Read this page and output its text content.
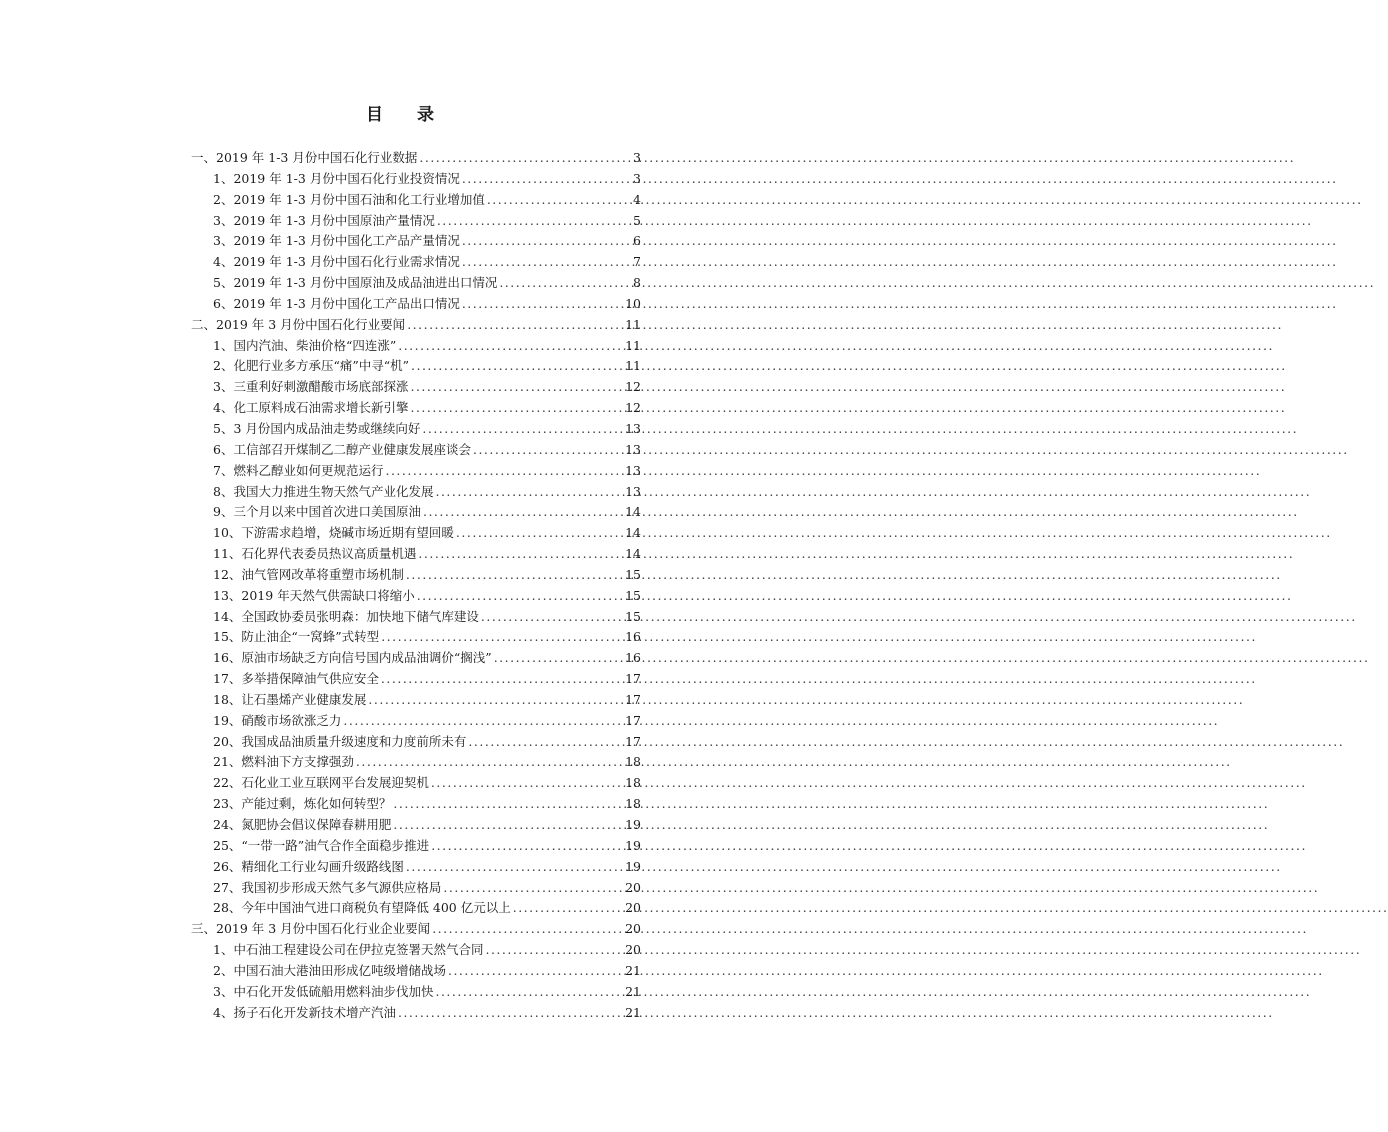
目 录
一、2019 年 1-3 月份中国石化行业数据 .....	3
1、2019 年 1-3 月份中国石化行业投资情况 .....	3
2、2019 年 1-3 月份中国石油和化工行业增加值 .....	4
3、2019 年 1-3 月份中国原油产量情况 .....	5
3、2019 年 1-3 月份中国化工产品产量情况 .....	6
4、2019 年 1-3 月份中国石化行业需求情况 .....	7
5、2019 年 1-3 月份中国原油及成品油进出口情况 .....	8
6、2019 年 1-3 月份中国化工产品出口情况 .....	10
二、2019 年 3 月份中国石化行业要闻 .....	11
1、国内汽油、柴油价格“四连涨” .....	11
2、化肥行业多方承压“痛”中寻“机” .....	11
3、三重利好刺激醋酸市场底部探涨 .....	12
4、化工原料成石油需求增长新引擎 .....	12
5、3 月份国内成品油走势或继续向好 .....	13
6、工信部召开煤制乙二醇产业健康发展座谈会 .....	13
7、燃料乙醇业如何更规范运行 .....	13
8、我国大力推进生物天然气产业化发展 .....	13
9、三个月以来中国首次进口美国原油 .....	14
10、下游需求趋增，烧碱市场近期有望回暖 .....	14
11、石化界代表委员热议高质量机遇 .....	14
12、油气管网改革将重塑市场机制 .....	15
13、2019 年天然气供需缺口将缩小 .....	15
14、全国政协委员张明森：加快地下储气库建设 .....	15
15、防止油企“一窝蜂”式转型 .....	16
16、原油市场缺乏方向信号国内成品油调价“搁浅” .....	16
17、多举措保障油气供应安全 .....	17
18、让石墨烯产业健康发展 .....	17
19、硝酸市场欲涨乏力 .....	17
20、我国成品油质量升级速度和力度前所未有 .....	17
21、燃料油下方支撑强劲 .....	18
22、石化业工业互联网平台发展迎契机 .....	18
23、产能过剩，炼化如何转型？ .....	18
24、氮肥协会倡议保障春耕用肥 .....	19
25、“一带一路”油气合作全面稳步推进 .....	19
26、精细化工行业勾画升级路线图 .....	19
27、我国初步形成天然气多气源供应格局 .....	20
28、今年中国油气进口商税负有望降低 400 亿元以上 .....	20
三、2019 年 3 月份中国石化行业企业要闻 .....	20
1、中石油工程建设公司在伊拉克签署天然气合同 .....	20
2、中国石油大港油田形成亿吨级增储战场 .....	21
3、中石化开发低硫船用燃料油步伐加快 .....	21
4、扬子石化开发新技术增产汽油 .....	21
